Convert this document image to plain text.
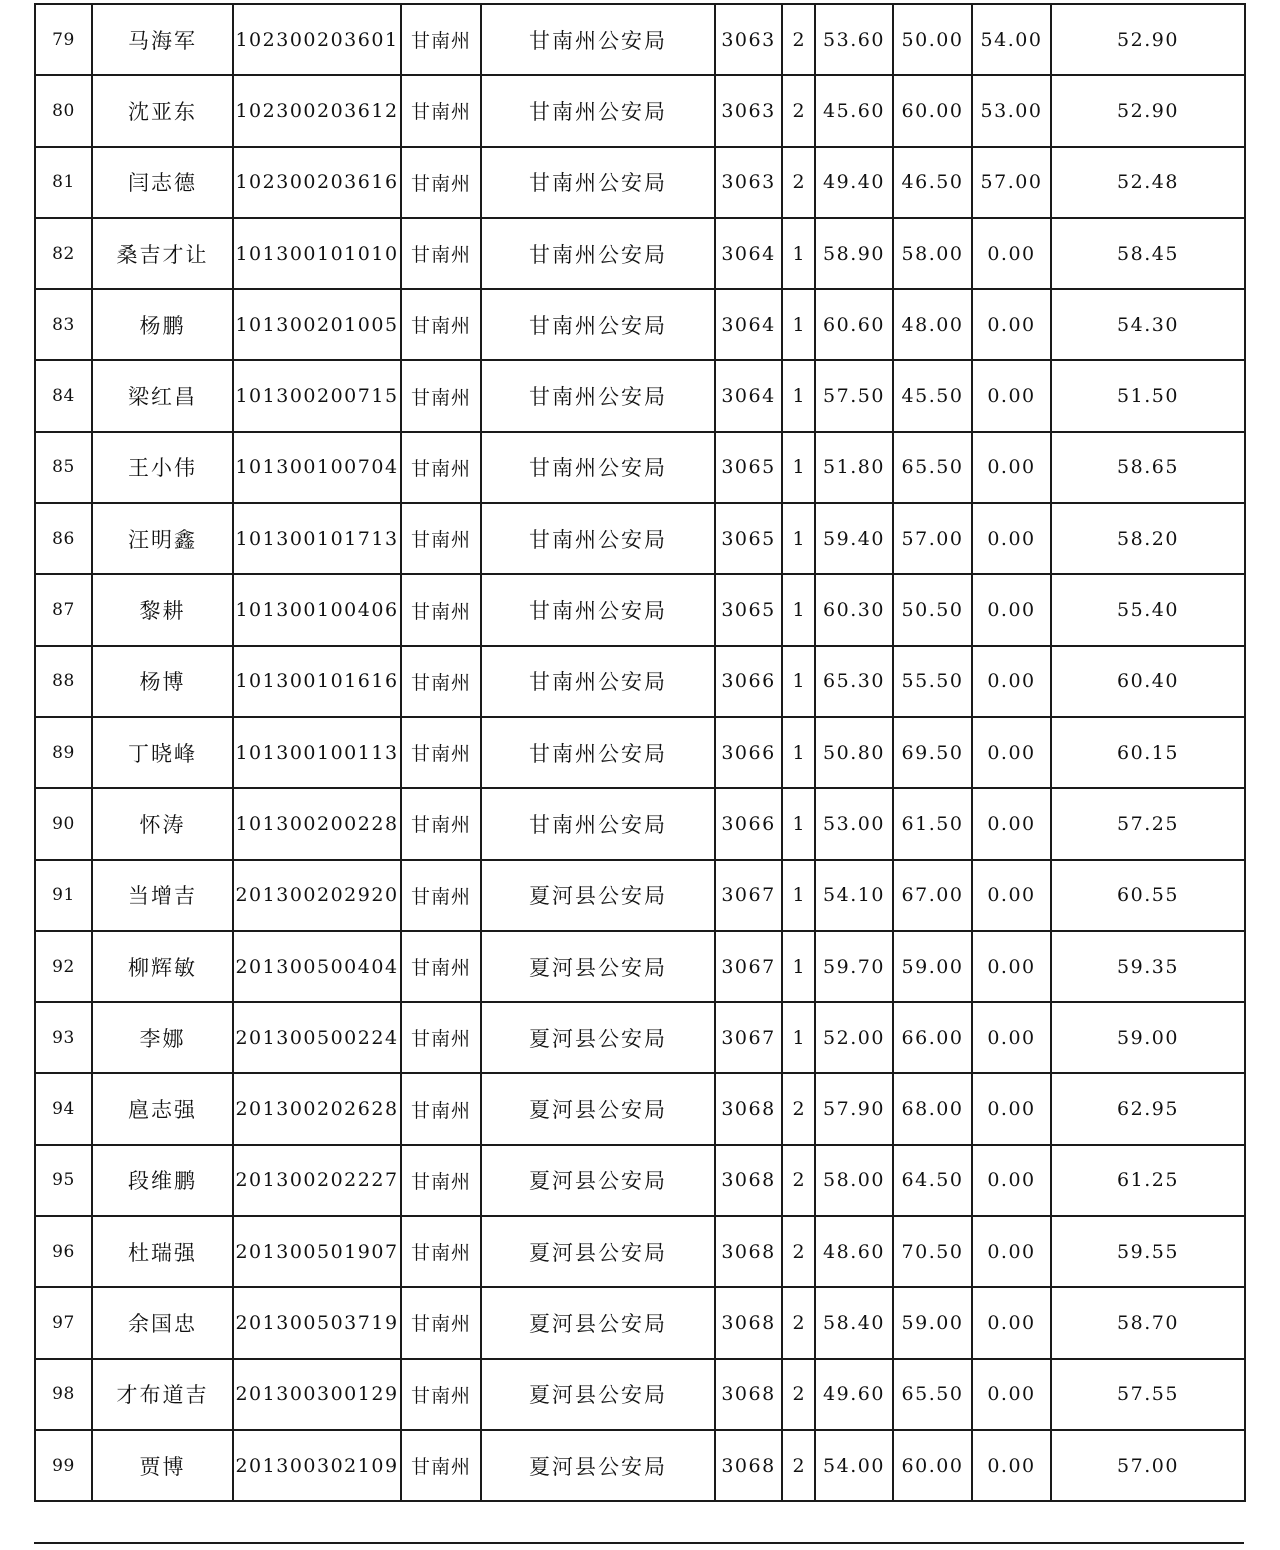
79	马海军	102300203601	甘南州	甘南州公安局	3063	2	53.60	50.00	54.00	52.90
80	沈亚东	102300203612	甘南州	甘南州公安局	3063	2	45.60	60.00	53.00	52.90
81	闫志德	102300203616	甘南州	甘南州公安局	3063	2	49.40	46.50	57.00	52.48
82	桑吉才让	101300101010	甘南州	甘南州公安局	3064	1	58.90	58.00	0.00	58.45
83	杨鹏	101300201005	甘南州	甘南州公安局	3064	1	60.60	48.00	0.00	54.30
84	梁红昌	101300200715	甘南州	甘南州公安局	3064	1	57.50	45.50	0.00	51.50
85	王小伟	101300100704	甘南州	甘南州公安局	3065	1	51.80	65.50	0.00	58.65
86	汪明鑫	101300101713	甘南州	甘南州公安局	3065	1	59.40	57.00	0.00	58.20
87	黎耕	101300100406	甘南州	甘南州公安局	3065	1	60.30	50.50	0.00	55.40
88	杨博	101300101616	甘南州	甘南州公安局	3066	1	65.30	55.50	0.00	60.40
89	丁晓峰	101300100113	甘南州	甘南州公安局	3066	1	50.80	69.50	0.00	60.15
90	怀涛	101300200228	甘南州	甘南州公安局	3066	1	53.00	61.50	0.00	57.25
91	当增吉	201300202920	甘南州	夏河县公安局	3067	1	54.10	67.00	0.00	60.55
92	柳辉敏	201300500404	甘南州	夏河县公安局	3067	1	59.70	59.00	0.00	59.35
93	李娜	201300500224	甘南州	夏河县公安局	3067	1	52.00	66.00	0.00	59.00
94	扈志强	201300202628	甘南州	夏河县公安局	3068	2	57.90	68.00	0.00	62.95
95	段维鹏	201300202227	甘南州	夏河县公安局	3068	2	58.00	64.50	0.00	61.25
96	杜瑞强	201300501907	甘南州	夏河县公安局	3068	2	48.60	70.50	0.00	59.55
97	余国忠	201300503719	甘南州	夏河县公安局	3068	2	58.40	59.00	0.00	58.70
98	才布道吉	201300300129	甘南州	夏河县公安局	3068	2	49.60	65.50	0.00	57.55
99	贾博	201300302109	甘南州	夏河县公安局	3068	2	54.00	60.00	0.00	57.00
